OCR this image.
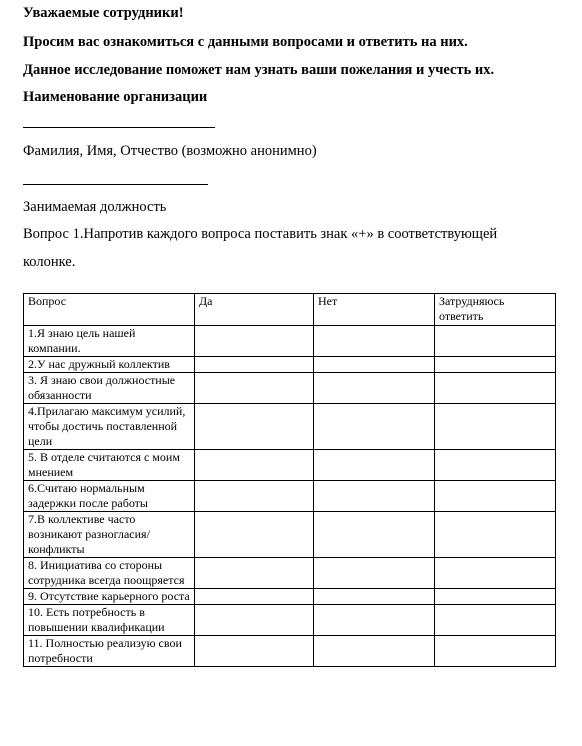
Уважаемые сотрудники!
Просим вас ознакомиться с данными вопросами и ответить на них.
Данное исследование поможет нам узнать ваши пожелания и учесть их.
Наименование организации
Фамилия, Имя, Отчество (возможно анонимно)
Занимаемая должность
Вопрос 1.Напротив каждого вопроса поставить знак «+» в соответствующей
колонке.
Вопрос	Да	Нет	Затрудняюсь ответить
1.Я знаю цель нашей компании.			
2.У нас дружный коллектив			
3. Я знаю свои должностные обязанности			
4.Прилагаю максимум усилий, чтобы достичь поставленной цели			
5. В отделе считаются с моим мнением			
6.Считаю нормальным задержки после работы			
7.В коллективе часто возникают разногласия/конфликты			
8. Инициатива со стороны сотрудника всегда поощряется			
9. Отсутствие карьерного роста			
10. Есть потребность в повышении квалификации			
11. Полностью реализую свои потребности			
